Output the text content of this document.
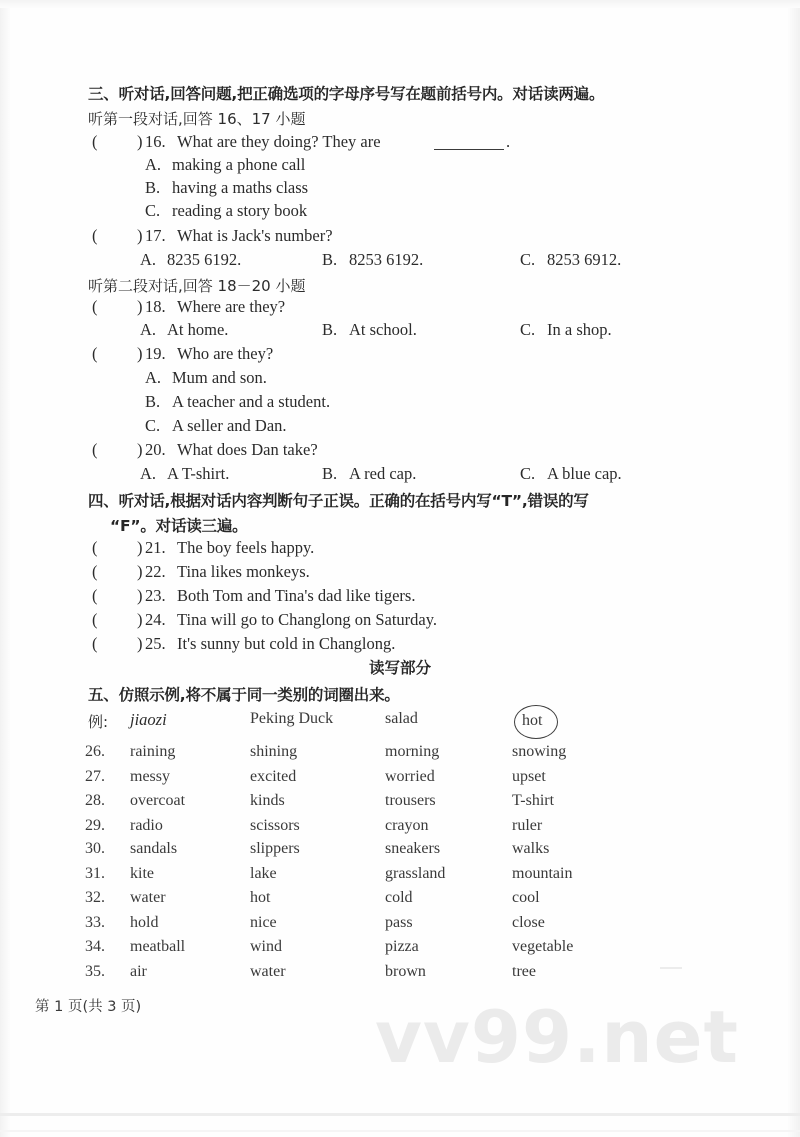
三、听对话,回答问题,把正确选项的字母序号写在题前括号内。对话读两遍。
听第一段对话,回答 16、17 小题
( ) 16. What are they doing? They are	.
A. making a phone call
B. having a maths class
C. reading a story book
( ) 17. What is Jack's number?
A. 8235 6192.	B. 8253 6192.	C. 8253 6912.
听第二段对话,回答 18－20 小题
( ) 18. Where are they?
A. At home.	B. At school.	C. In a shop.
( ) 19. Who are they?
A. Mum and son.
B. A teacher and a student.
C. A seller and Dan.
( ) 20. What does Dan take?
A. A T-shirt.	B. A red cap.	C. A blue cap.
四、听对话,根据对话内容判断句子正误。正确的在括号内写“T”,错误的写
“F”。对话读三遍。
( ) 21. The boy feels happy.
( ) 22. Tina likes monkeys.
( ) 23. Both Tom and Tina's dad like tigers.
( ) 24. Tina will go to Changlong on Saturday.
( ) 25. It's sunny but cold in Changlong.
读写部分
五、仿照示例,将不属于同一类别的词圈出来。
例: jiaozi	Peking Duck	salad	hot
26. raining	shining	morning	snowing
27. messy	excited	worried	upset
28. overcoat	kinds	trousers	T-shirt
29. radio	scissors	crayon	ruler
30. sandals	slippers	sneakers	walks
31. kite	lake	grassland	mountain
32. water	hot	cold	cool
33. hold	nice	pass	close
34. meatball	wind	pizza	vegetable
35. air	water	brown	tree
第 1 页(共 3 页)	vv99.net
